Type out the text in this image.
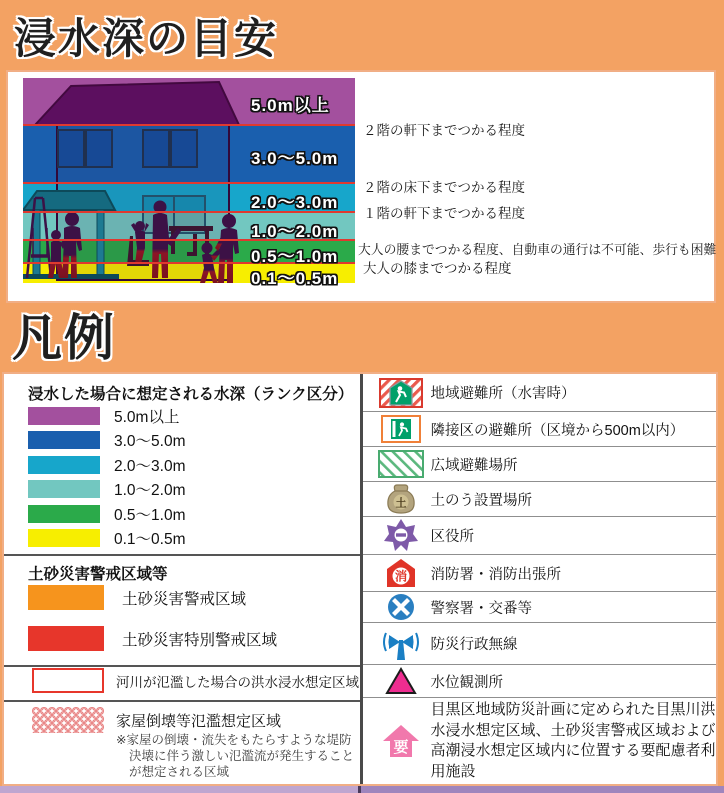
浸水深の目安
5.0m以上
3.0～5.0m
2.0～3.0m
1.0～2.0m
0.5～1.0m
0.1～0.5m
２階の軒下までつかる程度
２階の床下までつかる程度
１階の軒下までつかる程度
大人の腰までつかる程度、自動車の通行は不可能、歩行も困難
大人の膝までつかる程度
凡例
浸水した場合に想定される水深（ランク区分）
5.0m以上
3.0～5.0m
2.0～3.0m
1.0～2.0m
0.5～1.0m
0.1～0.5m
土砂災害警戒区域等
土砂災害警戒区域
土砂災害特別警戒区域
河川が氾濫した場合の洪水浸水想定区域
家屋倒壊等氾濫想定区域
※家屋の倒壊・流失をもたらすような堤防決壊に伴う激しい氾濫流が発生することが想定される区域
地域避難所（水害時）
隣接区の避難所（区境から500m以内）
広域避難場所
土 土のう設置場所
区役所
消 消防署・消防出張所
警察署・交番等
防災行政無線
水位観測所
要
目黒区地域防災計画に定められた目黒川洪水浸水想定区域、土砂災害警戒区域および高潮浸水想定区域内に位置する要配慮者利用施設
